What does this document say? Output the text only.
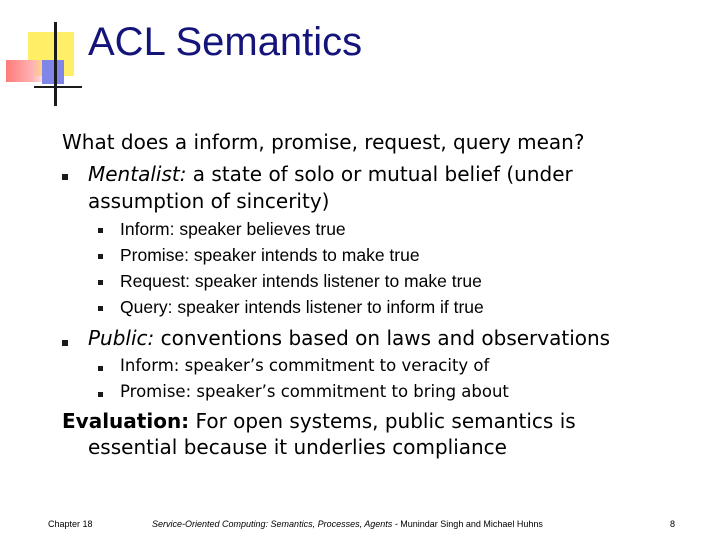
ACL Semantics
What does a inform, promise, request, query mean?
Mentalist: a state of solo or mutual belief (under
assumption of sincerity)
Inform: speaker believes true
Promise: speaker intends to make true
Request: speaker intends listener to make true
Query: speaker intends listener to inform if true
Public: conventions based on laws and observations
Inform: speaker’s commitment to veracity of
Promise: speaker’s commitment to bring about
Evaluation: For open systems, public semantics is
essential because it underlies compliance
Chapter 18	Service-Oriented Computing: Semantics, Processes, Agents - Munindar Singh and Michael Huhns	8
